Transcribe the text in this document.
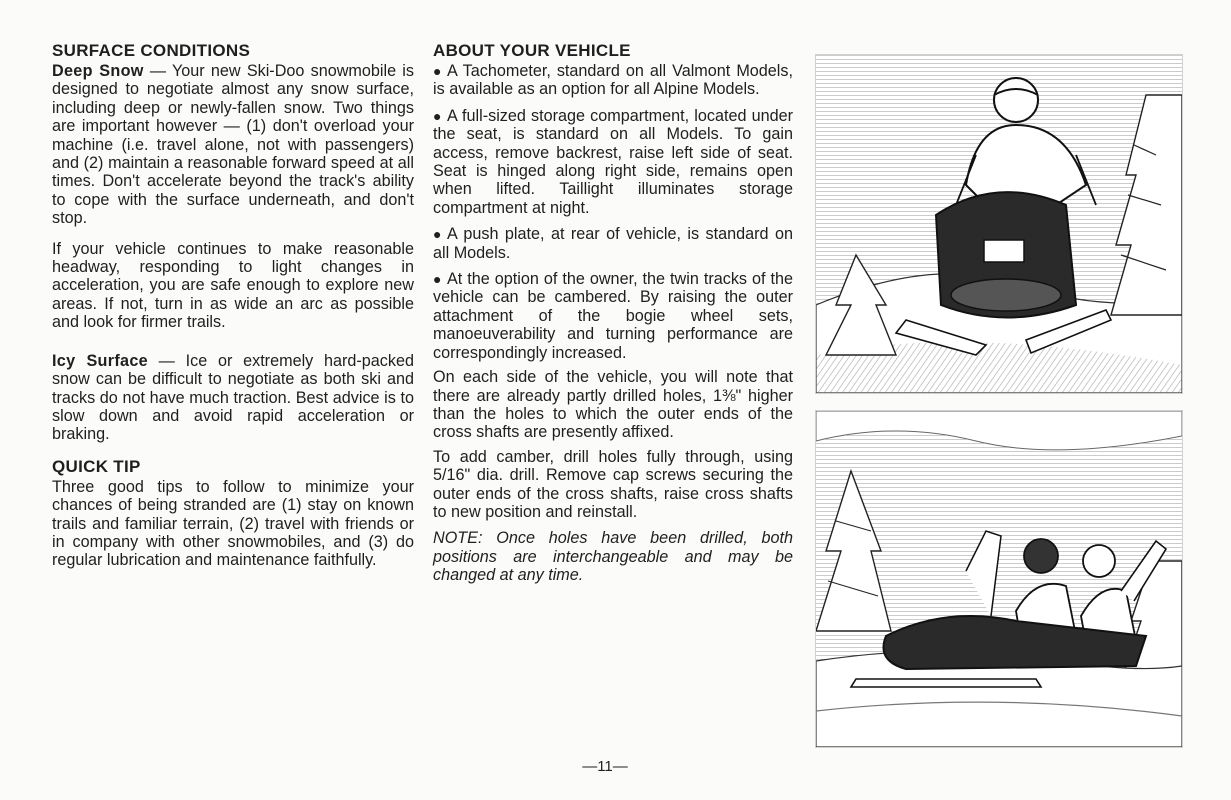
SURFACE CONDITIONS

Deep Snow — Your new Ski-Doo snowmobile is designed to negotiate almost any snow surface, including deep or newly-fallen snow. Two things are important however — (1) don't overload your machine (i.e. travel alone, not with passengers) and (2) maintain a reasonable forward speed at all times. Don't accelerate beyond the track's ability to cope with the surface underneath, and don't stop.

If your vehicle continues to make reasonable headway, responding to light changes in acceleration, you are safe enough to explore new areas. If not, turn in as wide an arc as possible and look for firmer trails.

Icy Surface — Ice or extremely hard-packed snow can be difficult to negotiate as both ski and tracks do not have much traction. Best advice is to slow down and avoid rapid acceleration or braking.

QUICK TIP

Three good tips to follow to minimize your chances of being stranded are (1) stay on known trails and familiar terrain, (2) travel with friends or in company with other snowmobiles, and (3) do regular lubrication and maintenance faithfully.

ABOUT YOUR VEHICLE

● A Tachometer, standard on all Valmont Models, is available as an option for all Alpine Models.

● A full-sized storage compartment, located under the seat, is standard on all Models. To gain access, remove backrest, raise left side of seat. Seat is hinged along right side, remains open when lifted. Taillight illuminates storage compartment at night.

● A push plate, at rear of vehicle, is standard on all Models.

● At the option of the owner, the twin tracks of the vehicle can be cambered. By raising the outer attachment of the bogie wheel sets, manoeuverability and turning performance are correspondingly increased.

On each side of the vehicle, you will note that there are already partly drilled holes, 1⅜" higher than the holes to which the outer ends of the cross shafts are presently affixed.

To add camber, drill holes fully through, using 5/16" dia. drill. Remove cap screws securing the outer ends of the cross shafts, raise cross shafts to new position and reinstall.

NOTE: Once holes have been drilled, both positions are interchangeable and may be changed at any time.

—11—
